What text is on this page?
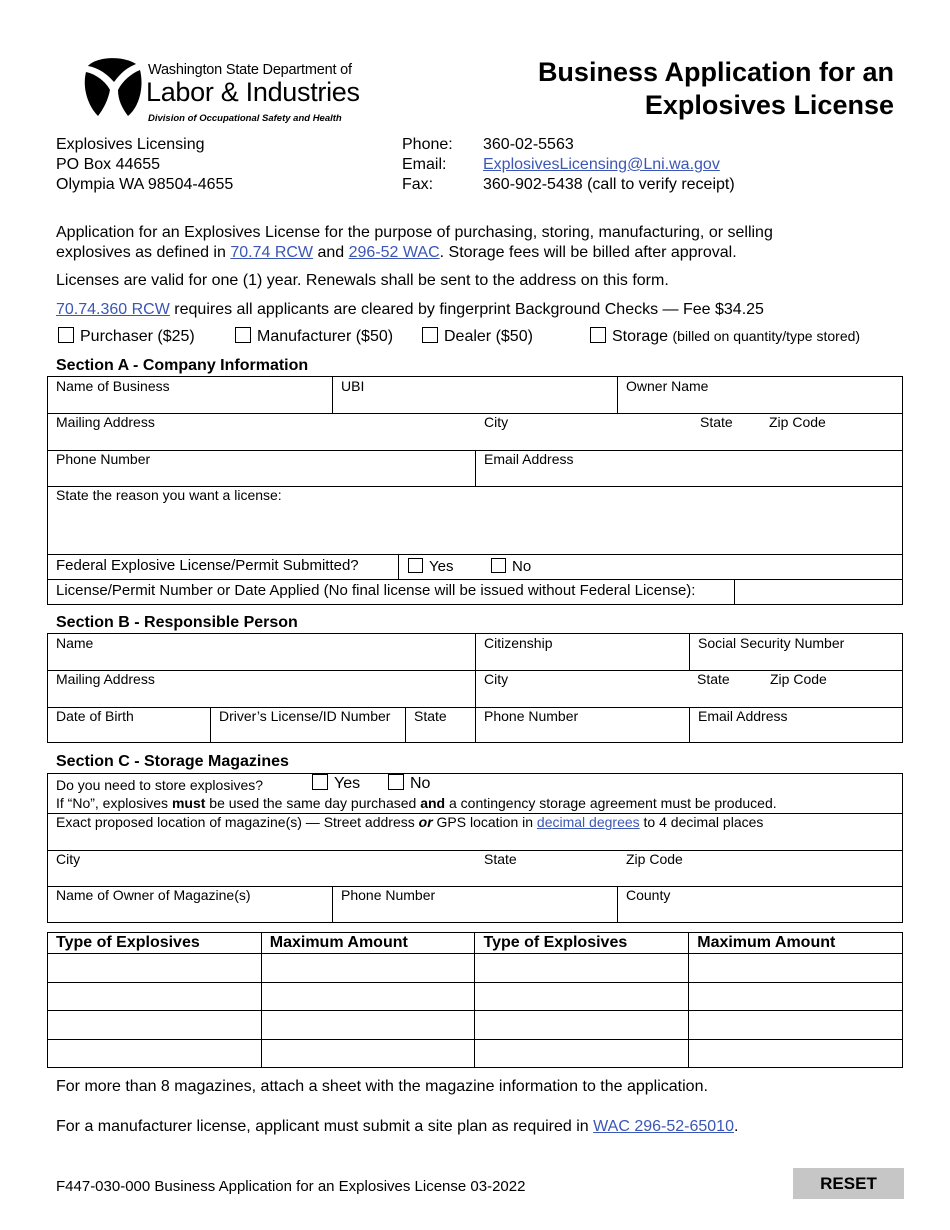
Washington State Department of
Labor & Industries
Division of Occupational Safety and Health
Business Application for an
Explosives License
Explosives Licensing
PO Box 44655
Olympia WA 98504-4655
Phone: 360-02-5563
Email: ExplosivesLicensing@Lni.wa.gov
Fax:	360-902-5438 (call to verify receipt)
Application for an Explosives License for the purpose of purchasing, storing, manufacturing, or selling
explosives as defined in 70.74 RCW and 296-52 WAC. Storage fees will be billed after approval.
Licenses are valid for one (1) year. Renewals shall be sent to the address on this form.
70.74.360 RCW requires all applicants are cleared by fingerprint Background Checks — Fee $34.25
Purchaser ($25)	Manufacturer ($50)	Dealer ($50)	Storage (billed on quantity/type stored)
Section A - Company Information
Name of Business	UBI	Owner Name
Mailing Address	City	State	Zip Code
Phone Number	Email Address
State the reason you want a license:
Federal Explosive License/Permit Submitted?	Yes	No
License/Permit Number or Date Applied (No final license will be issued without Federal License):
Section B - Responsible Person
Name	Citizenship	Social Security Number
Mailing Address	City	State	Zip Code
Date of Birth	Driver’s License/ID Number	State	Phone Number	Email Address
Section C - Storage Magazines
Do you need to store explosives?	Yes	No
If “No”, explosives must be used the same day purchased and a contingency storage agreement must be produced.
Exact proposed location of magazine(s) — Street address or GPS location in decimal degrees to 4 decimal places
City	State	Zip Code
Name of Owner of Magazine(s)	Phone Number	County
Type of Explosives	Maximum Amount	Type of Explosives	Maximum Amount

For more than 8 magazines, attach a sheet with the magazine information to the application.
For a manufacturer license, applicant must submit a site plan as required in WAC 296-52-65010.
F447-030-000 Business Application for an Explosives License 03-2022	RESET
